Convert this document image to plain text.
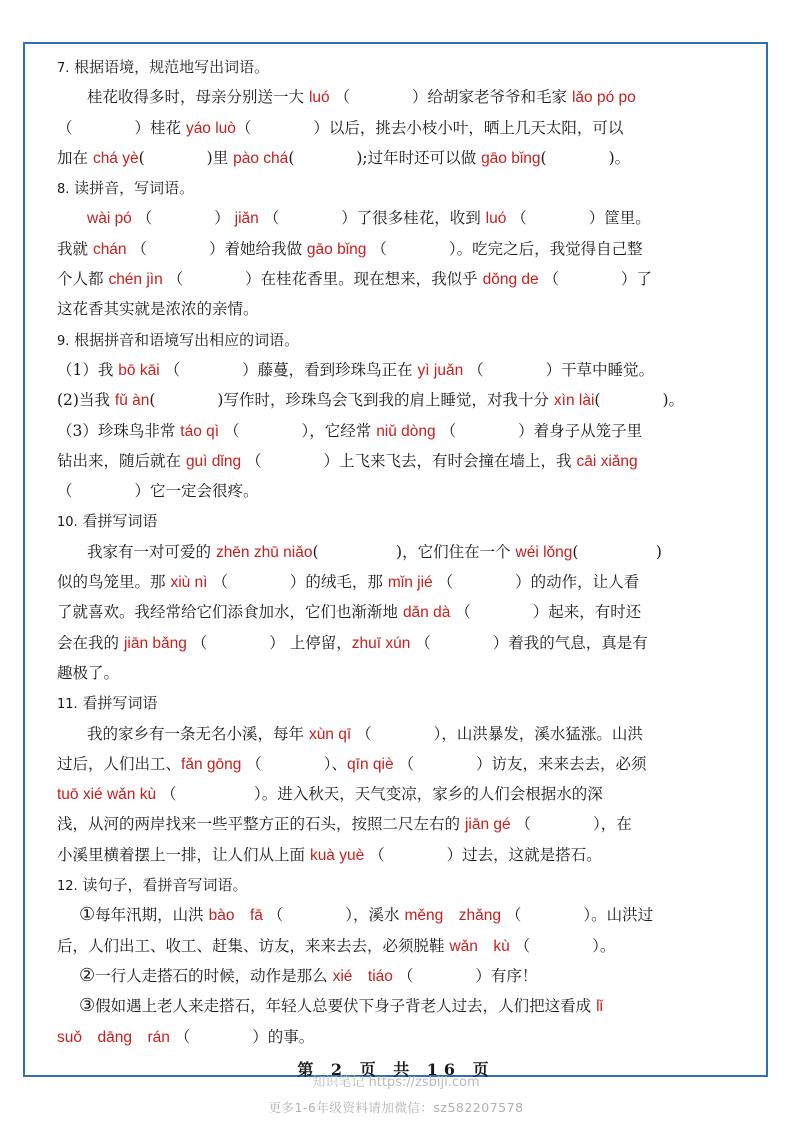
7. 根据语境，规范地写出词语。
桂花收得多时，母亲分别送一大 luó （　　　　）给胡家老爷爷和毛家 lǎo pó po
（　　　　）桂花 yáo luò（　　　　）以后，挑去小枝小叶，晒上几天太阳，可以
加在 chá yè(　　　　)里 pào chá(　　　　);过年时还可以做 gāo bǐng(　　　　)。
8. 读拼音，写词语。
wài pó （　　　　） jiǎn （　　　　）了很多桂花，收到 luó （　　　　）筐里。
我就 chán （　　　　）着她给我做 gāo bǐng （　　　　）。吃完之后，我觉得自己整
个人都 chén jìn （　　　　）在桂花香里。现在想来，我似乎 dǒng de （　　　　）了
这花香其实就是浓浓的亲情。
9. 根据拼音和语境写出相应的词语。
（1）我 bō kāi （　　　　）藤蔓，看到珍珠鸟正在 yì juǎn （　　　　）干草中睡觉。
(2)当我 fǔ àn(　　　　)写作时，珍珠鸟会飞到我的肩上睡觉，对我十分 xìn lài(　　　　)。
（3）珍珠鸟非常 táo qì （　　　　），它经常 niǔ dòng （　　　　）着身子从笼子里
钻出来，随后就在 guì dǐng （　　　　）上飞来飞去，有时会撞在墙上，我 cāi xiǎng
（　　　　）它一定会很疼。
10. 看拼写词语
我家有一对可爱的 zhēn zhū niǎo(　　　　　)，它们住在一个 wéi lǒng(　　　　　)
似的鸟笼里。那 xiù nì （　　　　）的绒毛，那 mǐn jié （　　　　）的动作，让人看
了就喜欢。我经常给它们添食加水，它们也渐渐地 dǎn dà （　　　　）起来，有时还
会在我的 jiān bǎng （　　　　） 上停留，zhuī xún （　　　　）着我的气息，真是有
趣极了。
11. 看拼写词语
我的家乡有一条无名小溪，每年 xùn qī （　　　　），山洪暴发，溪水猛涨。山洪
过后，人们出工、fǎn gōng （　　　　）、qīn qiè （　　　　）访友，来来去去，必须
tuō xié wǎn kù （　　　　　）。进入秋天，天气变凉，家乡的人们会根据水的深
浅，从河的两岸找来一些平整方正的石头，按照二尺左右的 jiān gé （　　　　），在
小溪里横着摆上一排，让人们从上面 kuà yuè （　　　　）过去，这就是搭石。
12. 读句子，看拼音写词语。
①每年汛期，山洪 bào　fā （　　　　），溪水 měng　zhǎng （　　　　）。山洪过
后，人们出工、收工、赶集、访友，来来去去，必须脱鞋 wǎn　kù （　　　　）。
②一行人走搭石的时候，动作是那么 xié　tiáo （　　　　）有序！
③假如遇上老人来走搭石，年轻人总要伏下身子背老人过去，人们把这看成 lǐ
suǒ　dāng　rán （　　　　）的事。
第 2 页 共 16 页
知识笔记 https://zsbiji.com
更多1-6年级资料请加微信：sz582207578
